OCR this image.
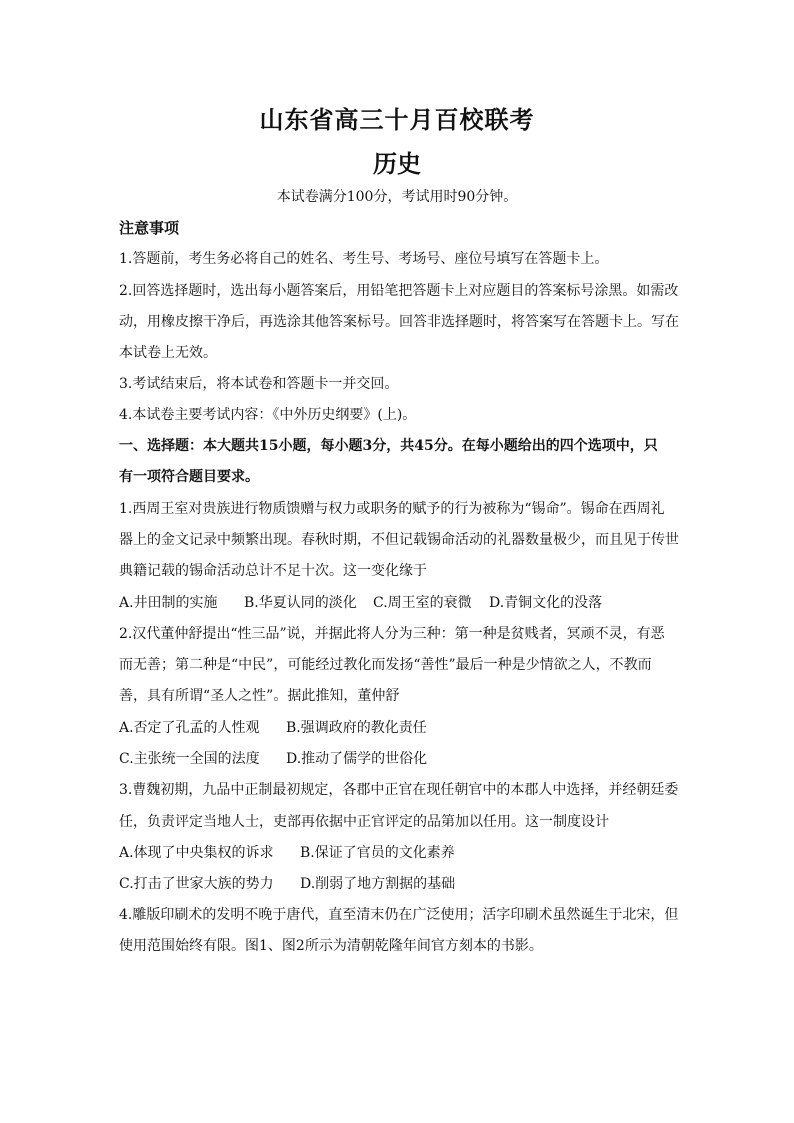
山东省高三十月百校联考
历史
本试卷满分100分，考试用时90分钟。
注意事项
1.答题前，考生务必将自己的姓名、考生号、考场号、座位号填写在答题卡上。
2.回答选择题时，选出每小题答案后，用铅笔把答题卡上对应题目的答案标号涂黑。如需改
动，用橡皮擦干净后，再选涂其他答案标号。回答非选择题时，将答案写在答题卡上。写在
本试卷上无效。
3.考试结束后，将本试卷和答题卡一并交回。
4.本试卷主要考试内容：《中外历史纲要》(上)。
一、选择题：本大题共15小题，每小题3分，共45分。在每小题给出的四个选项中，只
有一项符合题目要求。
1.西周王室对贵族进行物质馈赠与权力或职务的赋予的行为被称为“锡命”。锡命在西周礼
器上的金文记录中频繁出现。春秋时期，不但记载锡命活动的礼器数量极少，而且见于传世
典籍记载的锡命活动总计不足十次。这一变化缘于
A.井田制的实施 B.华夏认同的淡化 C.周王室的衰微 D.青铜文化的没落
2.汉代董仲舒提出“性三品”说，并据此将人分为三种：第一种是贫贱者，冥顽不灵，有恶
而无善；第二种是“中民”，可能经过教化而发扬“善性”最后一种是少情欲之人，不教而
善，具有所谓“圣人之性”。据此推知，董仲舒
A.否定了孔孟的人性观 B.强调政府的教化责任
C.主张统一全国的法度 D.推动了儒学的世俗化
3.曹魏初期，九品中正制最初规定，各郡中正官在现任朝官中的本郡人中选择，并经朝廷委
任，负责评定当地人士，吏部再依据中正官评定的品第加以任用。这一制度设计
A.体现了中央集权的诉求 B.保证了官员的文化素养
C.打击了世家大族的势力 D.削弱了地方割据的基础
4.雕版印刷术的发明不晚于唐代，直至清末仍在广泛使用；活字印刷术虽然诞生于北宋，但
使用范围始终有限。图1、图2所示为清朝乾隆年间官方刻本的书影。
